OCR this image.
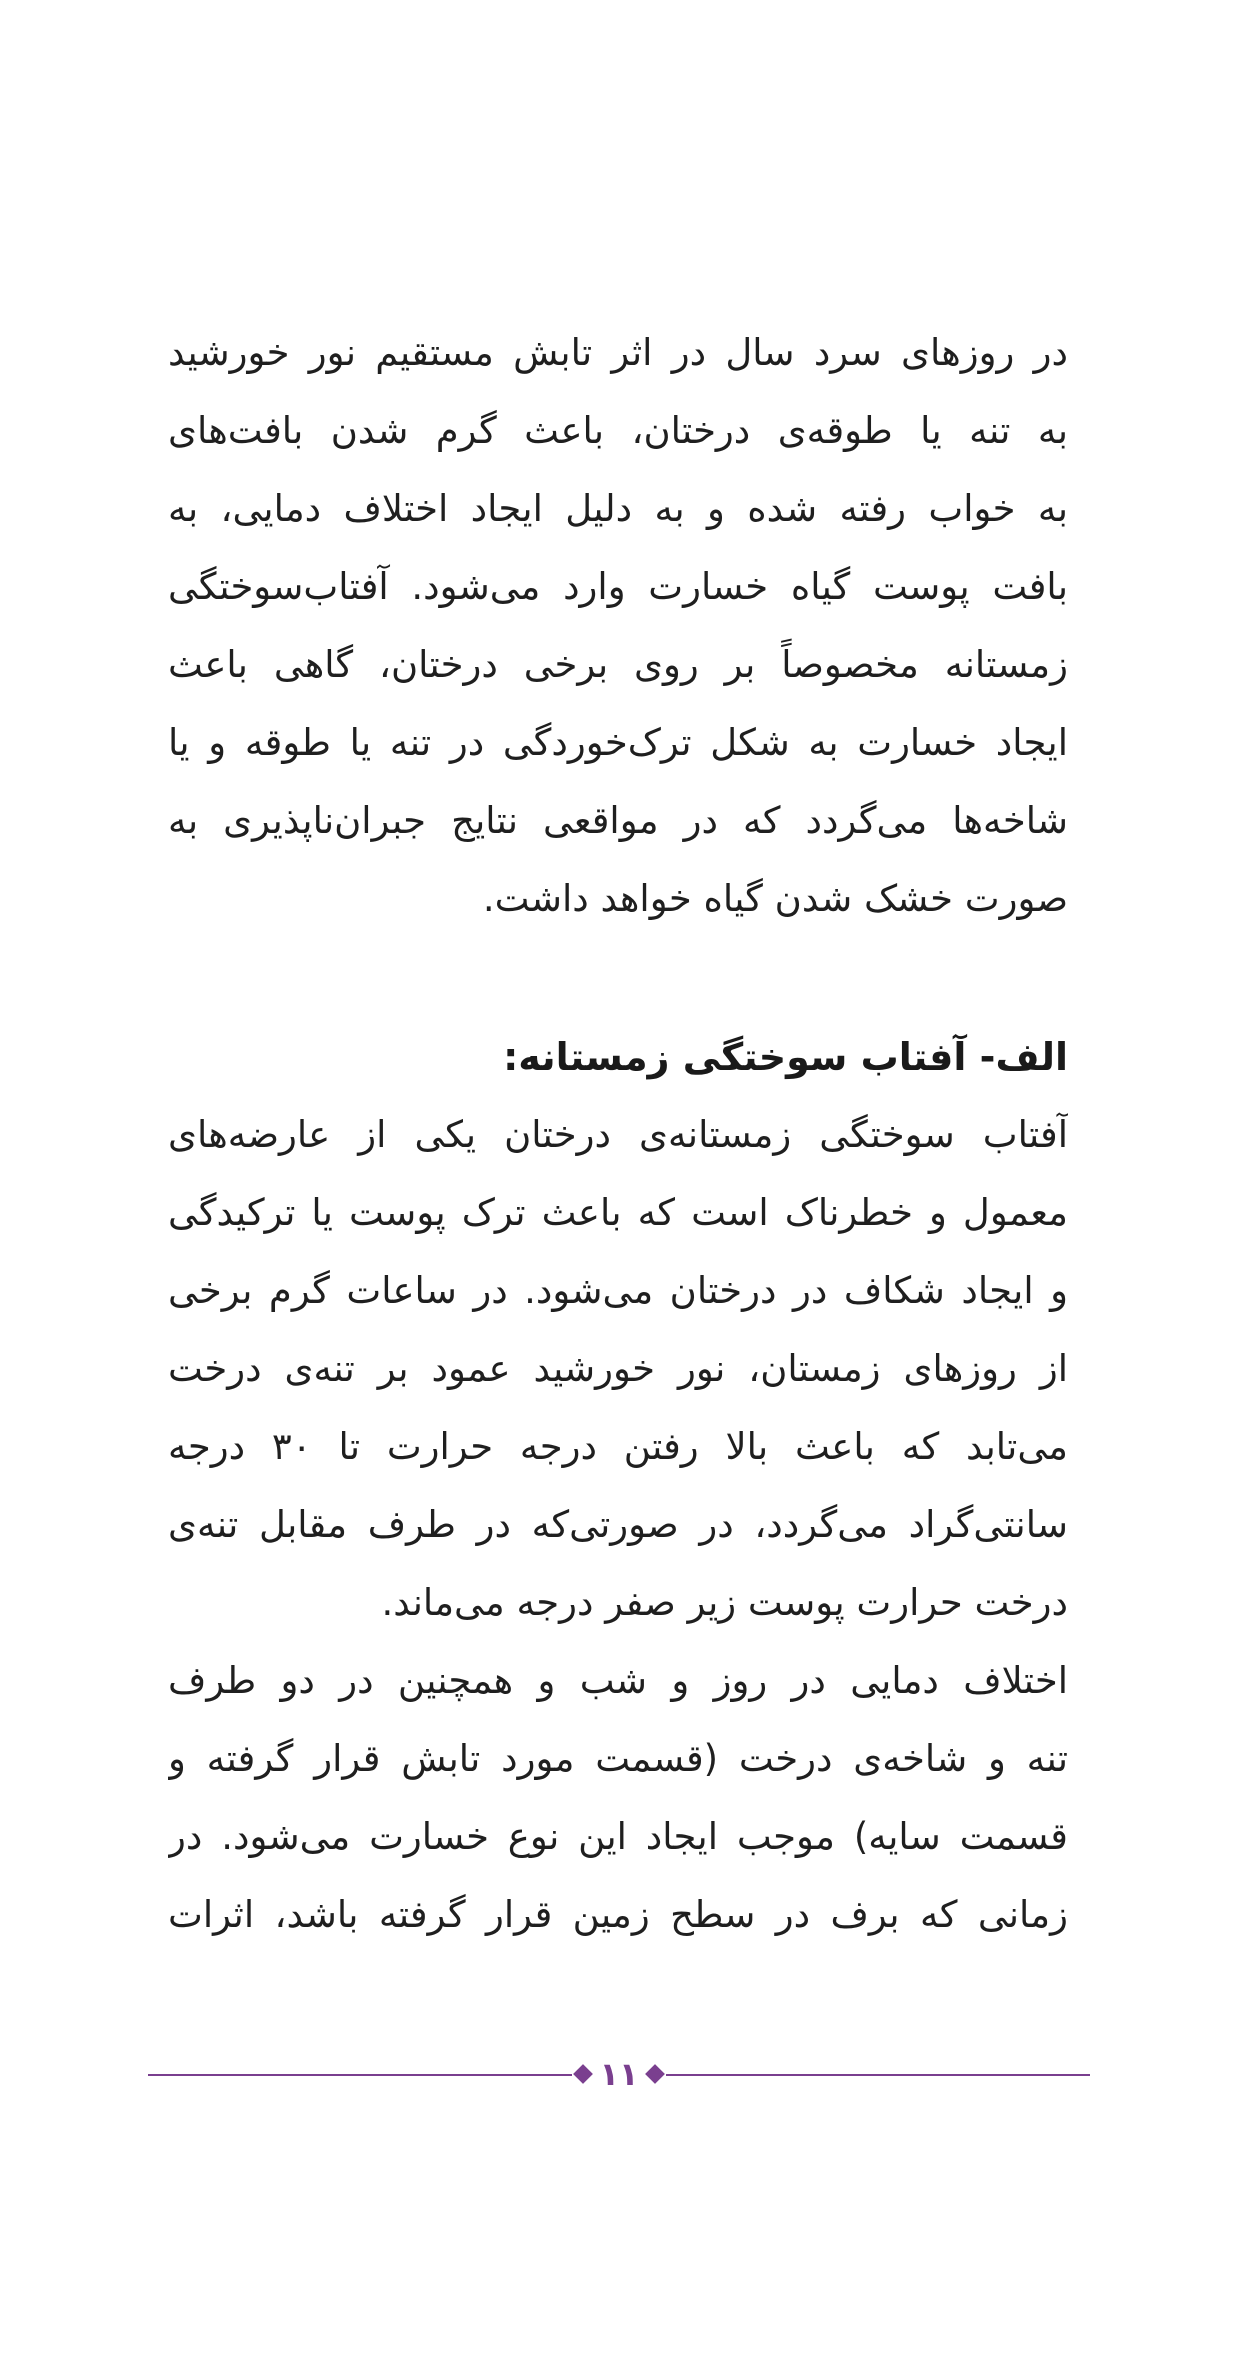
در روزهای سرد سال در اثر تابش مستقیم نور خورشید
به تنه یا طوقه‌ی درختان، باعث گرم شدن بافت‌های
به خواب رفته شده و به دلیل ایجاد اختلاف دمایی، به
بافت پوست گیاه خسارت وارد می‌شود. آفتاب‌سوختگی
زمستانه مخصوصاً بر روی برخی درختان، گاهی باعث
ایجاد خسارت به شکل ترک‌خوردگی در تنه یا طوقه و یا
شاخه‌ها می‌گردد که در مواقعی نتایج جبران‌ناپذیری به
صورت خشک شدن گیاه خواهد داشت.
الف- آفتاب سوختگی زمستانه:
آفتاب سوختگی زمستانه‌ی درختان یکی از عارضه‌های
معمول و خطرناک است که باعث ترک پوست یا ترکیدگی
و ایجاد شکاف در درختان می‌شود. در ساعات گرم برخی
از روزهای زمستان، نور خورشید عمود بر تنه‌ی درخت
می‌تابد که باعث بالا رفتن درجه حرارت تا ۳۰ درجه
سانتی‌گراد می‌گردد، در صورتی‌که در طرف مقابل تنه‌ی
درخت حرارت پوست زیر صفر درجه می‌ماند.
اختلاف دمایی در روز و شب و همچنین در دو طرف
تنه و شاخه‌ی درخت (قسمت مورد تابش قرار گرفته و
قسمت سایه) موجب ایجاد این نوع خسارت می‌شود. در
زمانی که برف در سطح زمین قرار گرفته باشد، اثرات
۱۱
